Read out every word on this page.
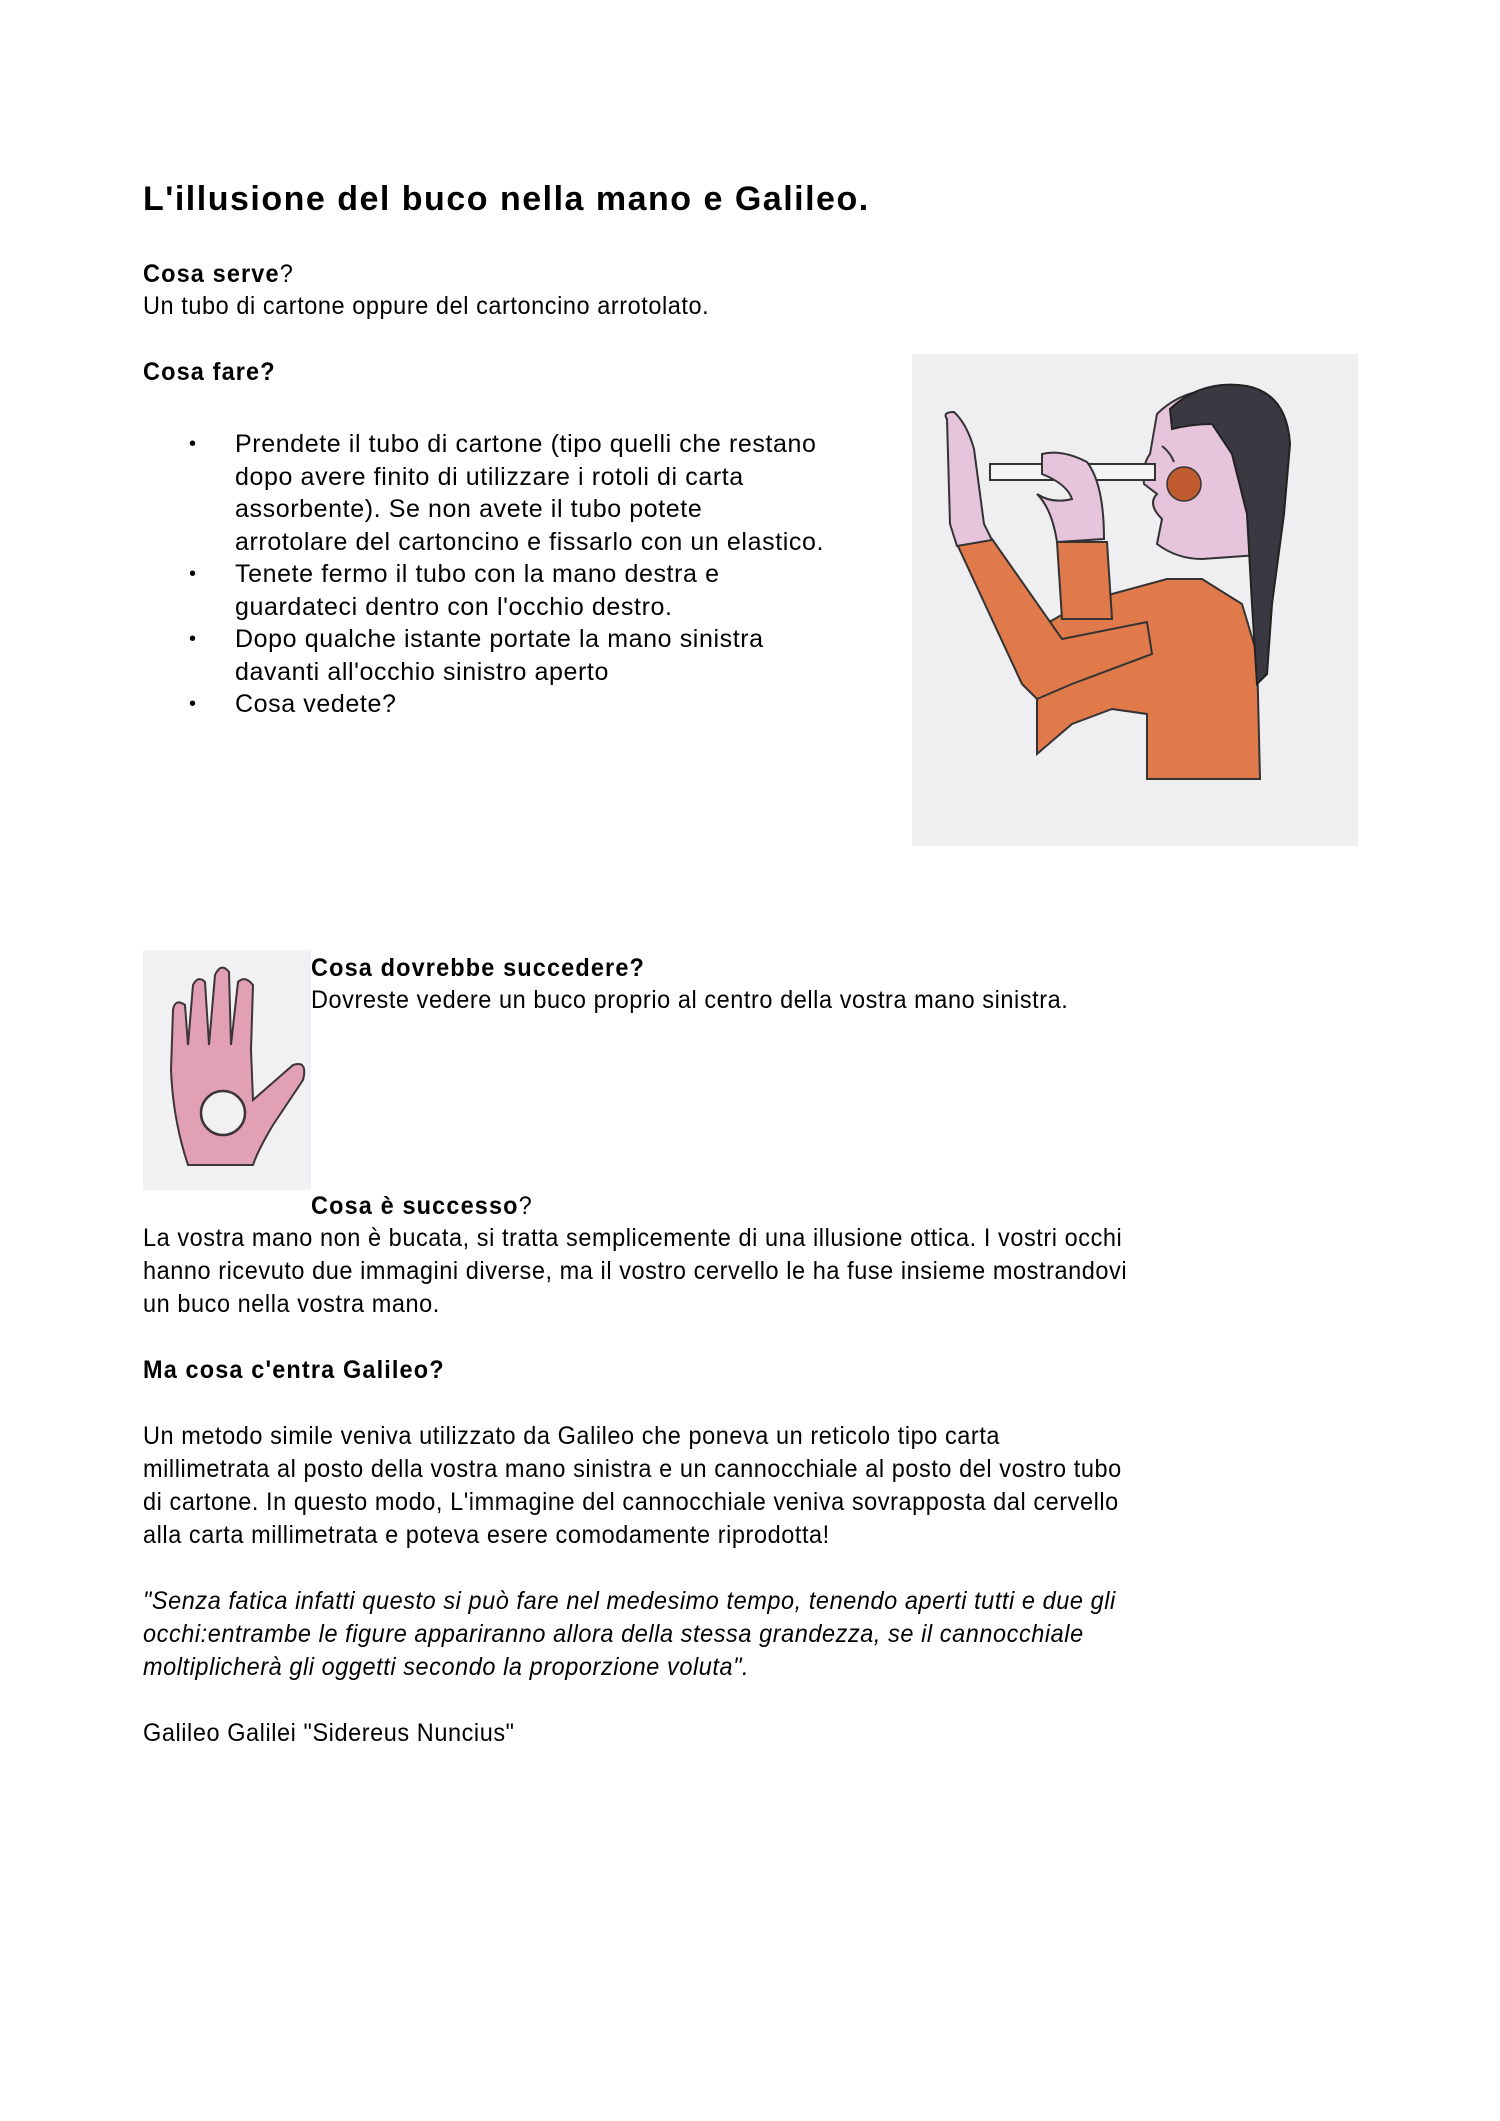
L'illusione del buco nella mano e Galileo.
Cosa serve?
Un tubo di cartone oppure del cartoncino arrotolato.
Cosa fare?
• Prendete il tubo di cartone (tipo quelli che restano
dopo avere finito di utilizzare i rotoli di carta
assorbente). Se non avete il tubo potete
arrotolare del cartoncino e fissarlo con un elastico.
• Tenete fermo il tubo con la mano destra e
guardateci dentro con l'occhio destro.
• Dopo qualche istante portate la mano sinistra
davanti all'occhio sinistro aperto
• Cosa vedete?
Cosa dovrebbe succedere?
Dovreste vedere un buco proprio al centro della vostra mano sinistra.
Cosa è successo?
La vostra mano non è bucata, si tratta semplicemente di una illusione ottica. I vostri occhi
hanno ricevuto due immagini diverse, ma il vostro cervello le ha fuse insieme mostrandovi
un buco nella vostra mano.
Ma cosa c'entra Galileo?
Un metodo simile veniva utilizzato da Galileo che poneva un reticolo tipo carta
millimetrata al posto della vostra mano sinistra e un cannocchiale al posto del vostro tubo
di cartone. In questo modo, L'immagine del cannocchiale veniva sovrapposta dal cervello
alla carta millimetrata e poteva esere comodamente riprodotta!
"Senza fatica infatti questo si può fare nel medesimo tempo, tenendo aperti tutti e due gli
occhi:entrambe le figure appariranno allora della stessa grandezza, se il cannocchiale
moltiplicherà gli oggetti secondo la proporzione voluta".
Galileo Galilei "Sidereus Nuncius"
